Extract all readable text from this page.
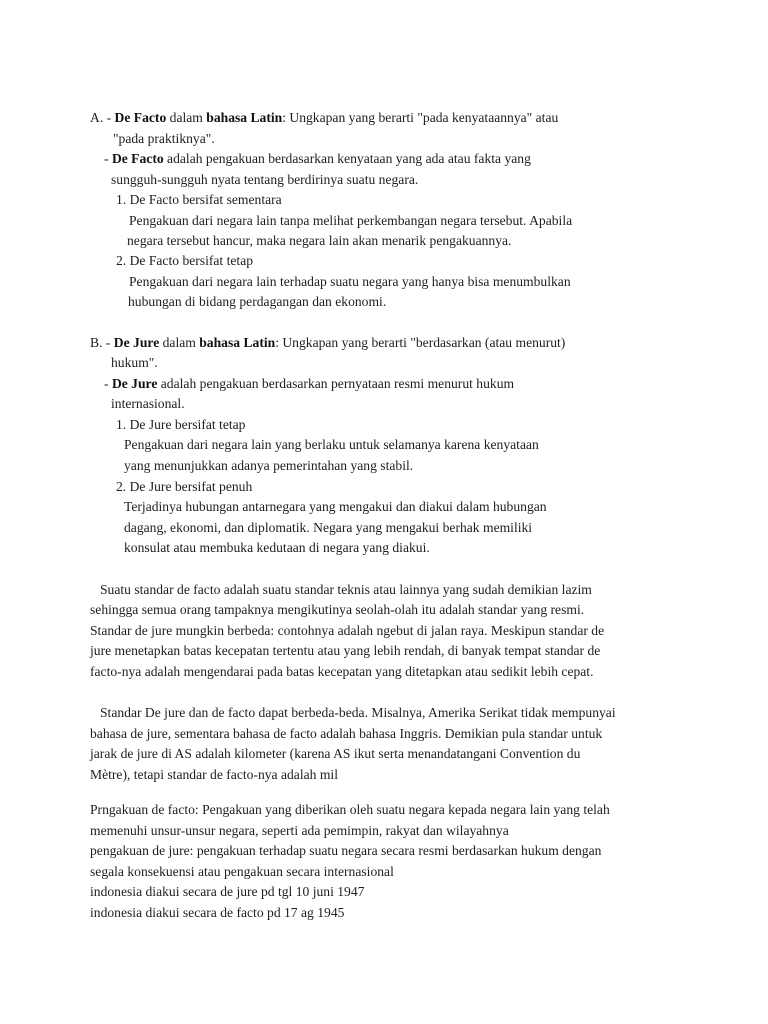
A. - De Facto dalam bahasa Latin: Ungkapan yang berarti "pada kenyataannya" atau
"pada praktiknya".
- De Facto adalah pengakuan berdasarkan kenyataan yang ada atau fakta yang
sungguh-sungguh nyata tentang berdirinya suatu negara.
1. De Facto bersifat sementara
Pengakuan dari negara lain tanpa melihat perkembangan negara tersebut. Apabila
negara tersebut hancur, maka negara lain akan menarik pengakuannya.
2. De Facto bersifat tetap
Pengakuan dari negara lain terhadap suatu negara yang hanya bisa menumbulkan
hubungan di bidang perdagangan dan ekonomi.
B. - De Jure dalam bahasa Latin: Ungkapan yang berarti "berdasarkan (atau menurut)
hukum".
- De Jure adalah pengakuan berdasarkan pernyataan resmi menurut hukum
internasional.
1. De Jure bersifat tetap
Pengakuan dari negara lain yang berlaku untuk selamanya karena kenyataan
yang menunjukkan adanya pemerintahan yang stabil.
2. De Jure bersifat penuh
Terjadinya hubungan antarnegara yang mengakui dan diakui dalam hubungan
dagang, ekonomi, dan diplomatik. Negara yang mengakui berhak memiliki
konsulat atau membuka kedutaan di negara yang diakui.
Suatu standar de facto adalah suatu standar teknis atau lainnya yang sudah demikian lazim
sehingga semua orang tampaknya mengikutinya seolah-olah itu adalah standar yang resmi.
Standar de jure mungkin berbeda: contohnya adalah ngebut di jalan raya. Meskipun standar de
jure menetapkan batas kecepatan tertentu atau yang lebih rendah, di banyak tempat standar de
facto-nya adalah mengendarai pada batas kecepatan yang ditetapkan atau sedikit lebih cepat.
Standar De jure dan de facto dapat berbeda-beda. Misalnya, Amerika Serikat tidak mempunyai
bahasa de jure, sementara bahasa de facto adalah bahasa Inggris. Demikian pula standar untuk
jarak de jure di AS adalah kilometer (karena AS ikut serta menandatangani Convention du
Mètre), tetapi standar de facto-nya adalah mil
Prngakuan de facto: Pengakuan yang diberikan oleh suatu negara kepada negara lain yang telah
memenuhi unsur-unsur negara, seperti ada pemimpin, rakyat dan wilayahnya
pengakuan de jure: pengakuan terhadap suatu negara secara resmi berdasarkan hukum dengan
segala konsekuensi atau pengakuan secara internasional
indonesia diakui secara de jure pd tgl 10 juni 1947
indonesia diakui secara de facto pd 17 ag 1945
